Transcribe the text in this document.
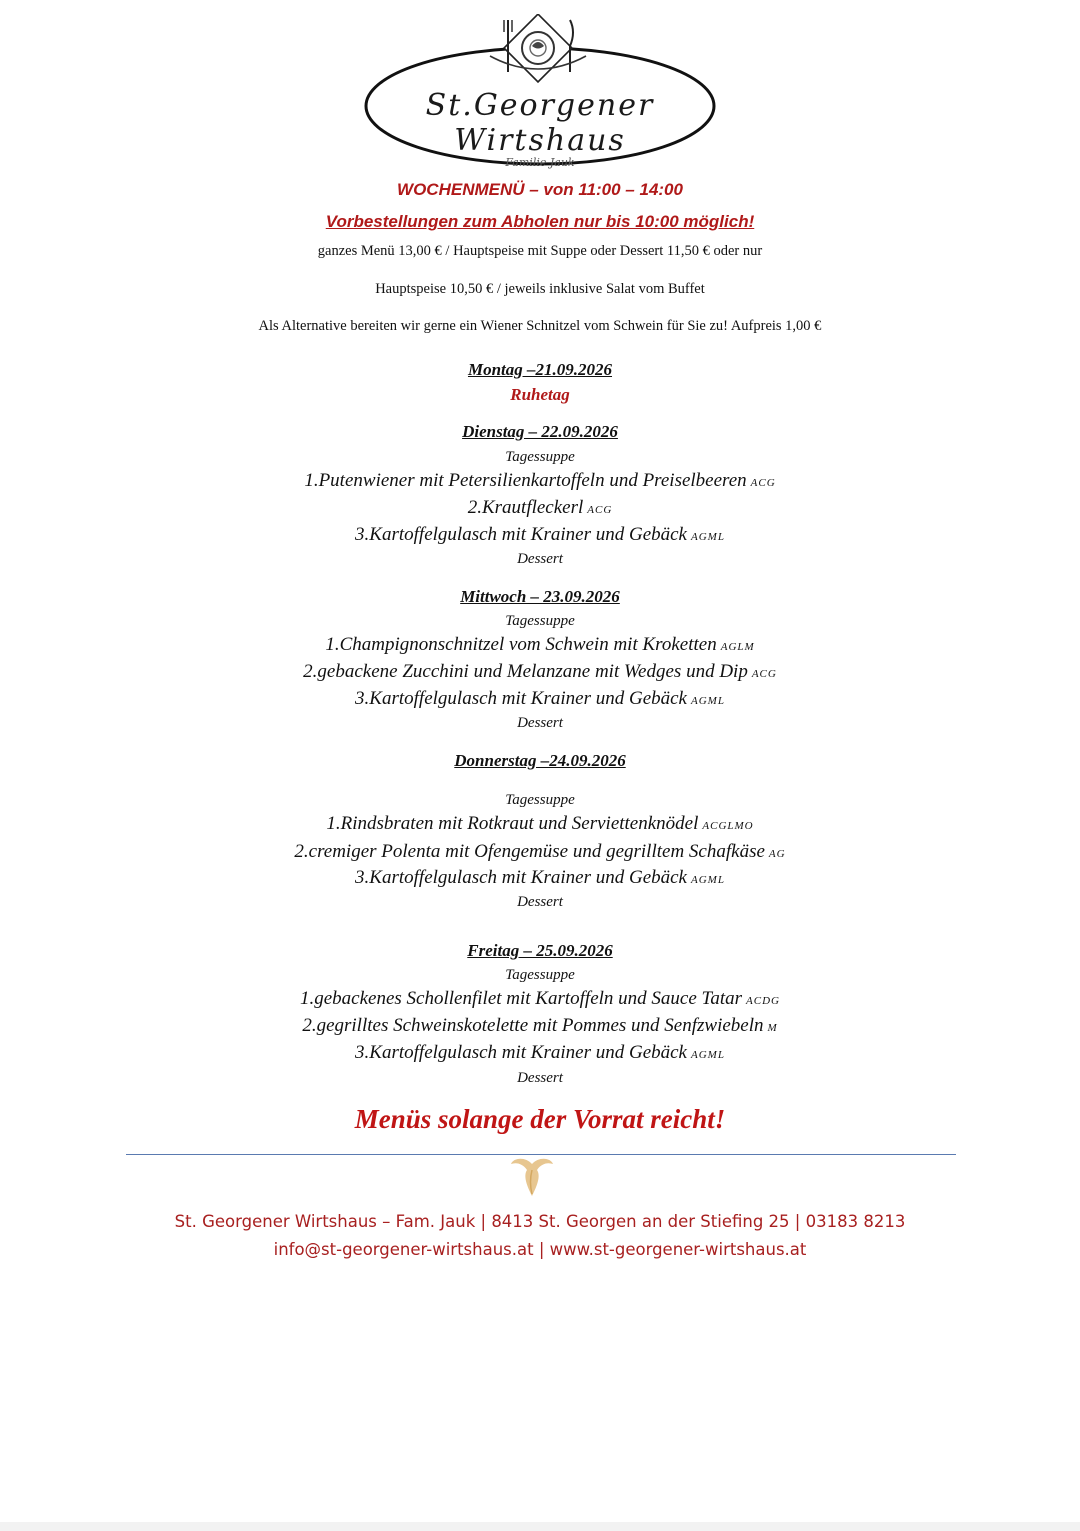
St.Georgener Wirtshaus
Familie Jauk
WOCHENMENÜ – von 11:00 – 14:00
Vorbestellungen zum Abholen nur bis 10:00 möglich!
ganzes Menü 13,00 € / Hauptspeise mit Suppe oder Dessert 11,50 € oder nur
Hauptspeise 10,50 € / jeweils inklusive Salat vom Buffet
Als Alternative bereiten wir gerne ein Wiener Schnitzel vom Schwein für Sie zu! Aufpreis 1,00 €
Montag –21.09.2026
Ruhetag
Dienstag – 22.09.2026
Tagessuppe
1.Putenwiener mit Petersilienkartoffeln und Preiselbeeren ACG
2.Krautfleckerl ACG
3.Kartoffelgulasch mit Krainer und Gebäck AGML
Dessert
Mittwoch – 23.09.2026
Tagessuppe
1.Champignonschnitzel vom Schwein mit Kroketten AGLM
2.gebackene Zucchini und Melanzane mit Wedges und Dip ACG
3.Kartoffelgulasch mit Krainer und Gebäck AGML
Dessert
Donnerstag –24.09.2026
Tagessuppe
1.Rindsbraten mit Rotkraut und Serviettenknödel ACGLMO
2.cremiger Polenta mit Ofengemüse und gegrilltem Schafkäse AG
3.Kartoffelgulasch mit Krainer und Gebäck AGML
Dessert
Freitag – 25.09.2026
Tagessuppe
1.gebackenes Schollenfilet mit Kartoffeln und Sauce Tatar ACDG
2.gegrilltes Schweinskotelette mit Pommes und Senfzwiebeln M
3.Kartoffelgulasch mit Krainer und Gebäck AGML
Dessert
Menüs solange der Vorrat reicht!
St. Georgener Wirtshaus – Fam. Jauk | 8413 St. Georgen an der Stiefing 25 | 03183 8213
info@st-georgener-wirtshaus.at | www.st-georgener-wirtshaus.at
